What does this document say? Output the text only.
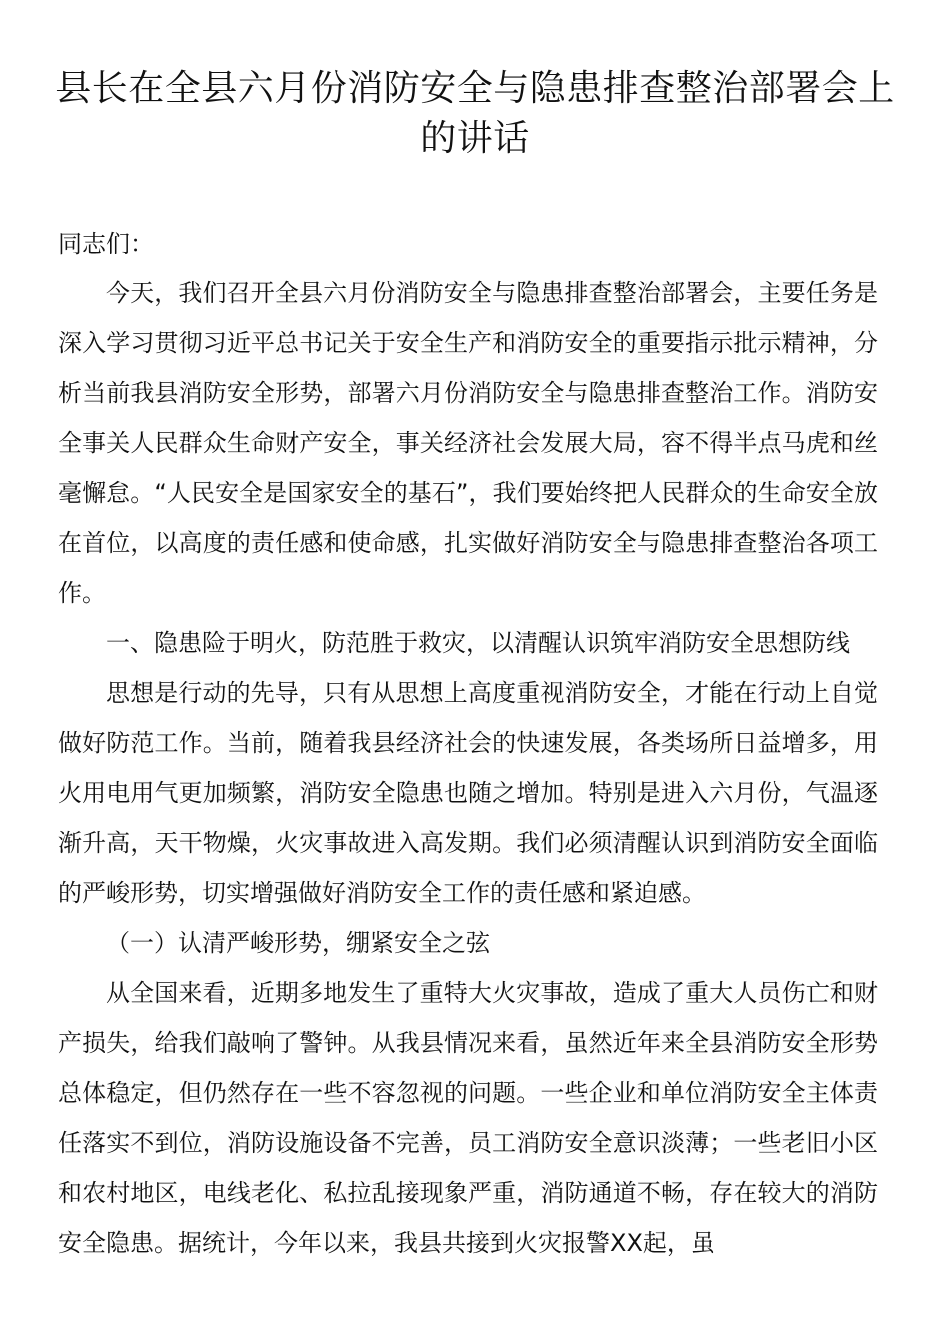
县长在全县六月份消防安全与隐患排查整治部署会上的讲话

同志们：

今天，我们召开全县六月份消防安全与隐患排查整治部署会，主要任务是深入学习贯彻习近平总书记关于安全生产和消防安全的重要指示批示精神，分析当前我县消防安全形势，部署六月份消防安全与隐患排查整治工作。消防安全事关人民群众生命财产安全，事关经济社会发展大局，容不得半点马虎和丝毫懈怠。“人民安全是国家安全的基石”，我们要始终把人民群众的生命安全放在首位，以高度的责任感和使命感，扎实做好消防安全与隐患排查整治各项工作。

一、隐患险于明火，防范胜于救灾，以清醒认识筑牢消防安全思想防线

思想是行动的先导，只有从思想上高度重视消防安全，才能在行动上自觉做好防范工作。当前，随着我县经济社会的快速发展，各类场所日益增多，用火用电用气更加频繁，消防安全隐患也随之增加。特别是进入六月份，气温逐渐升高，天干物燥，火灾事故进入高发期。我们必须清醒认识到消防安全面临的严峻形势，切实增强做好消防安全工作的责任感和紧迫感。

（一）认清严峻形势，绷紧安全之弦

从全国来看，近期多地发生了重特大火灾事故，造成了重大人员伤亡和财产损失，给我们敲响了警钟。从我县情况来看，虽然近年来全县消防安全形势总体稳定，但仍然存在一些不容忽视的问题。一些企业和单位消防安全主体责任落实不到位，消防设施设备不完善，员工消防安全意识淡薄；一些老旧小区和农村地区，电线老化、私拉乱接现象严重，消防通道不畅，存在较大的消防安全隐患。据统计，今年以来，我县共接到火灾报警XX起，虽
